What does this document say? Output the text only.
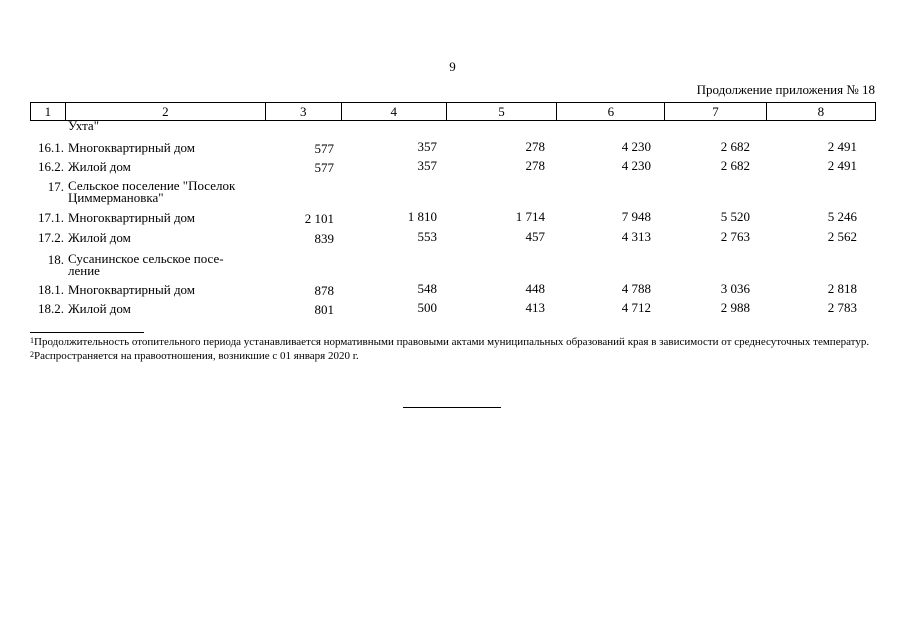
9
Продолжение приложения № 18
1	2	3	4	5	6	7	8
Ухта"
16.1. Многоквартирный дом	577	357	278	4 230	2 682	2 491
16.2. Жилой дом	577	357	278	4 230	2 682	2 491
17. Сельское поселение "Поселок Циммермановка"
17.1. Многоквартирный дом	2 101	1 810	1 714	7 948	5 520	5 246
17.2. Жилой дом	839	553	457	4 313	2 763	2 562
18. Сусанинское сельское посе-ление
18.1. Многоквартирный дом	878	548	448	4 788	3 036	2 818
18.2. Жилой дом	801	500	413	4 712	2 988	2 783
$^1$Продолжительность отопительного периода устанавливается нормативными правовыми актами муниципальных образований края в зависимости от среднесуточных температур.
$^2$Распространяется на правоотношения, возникшие с 01 января 2020 г.
